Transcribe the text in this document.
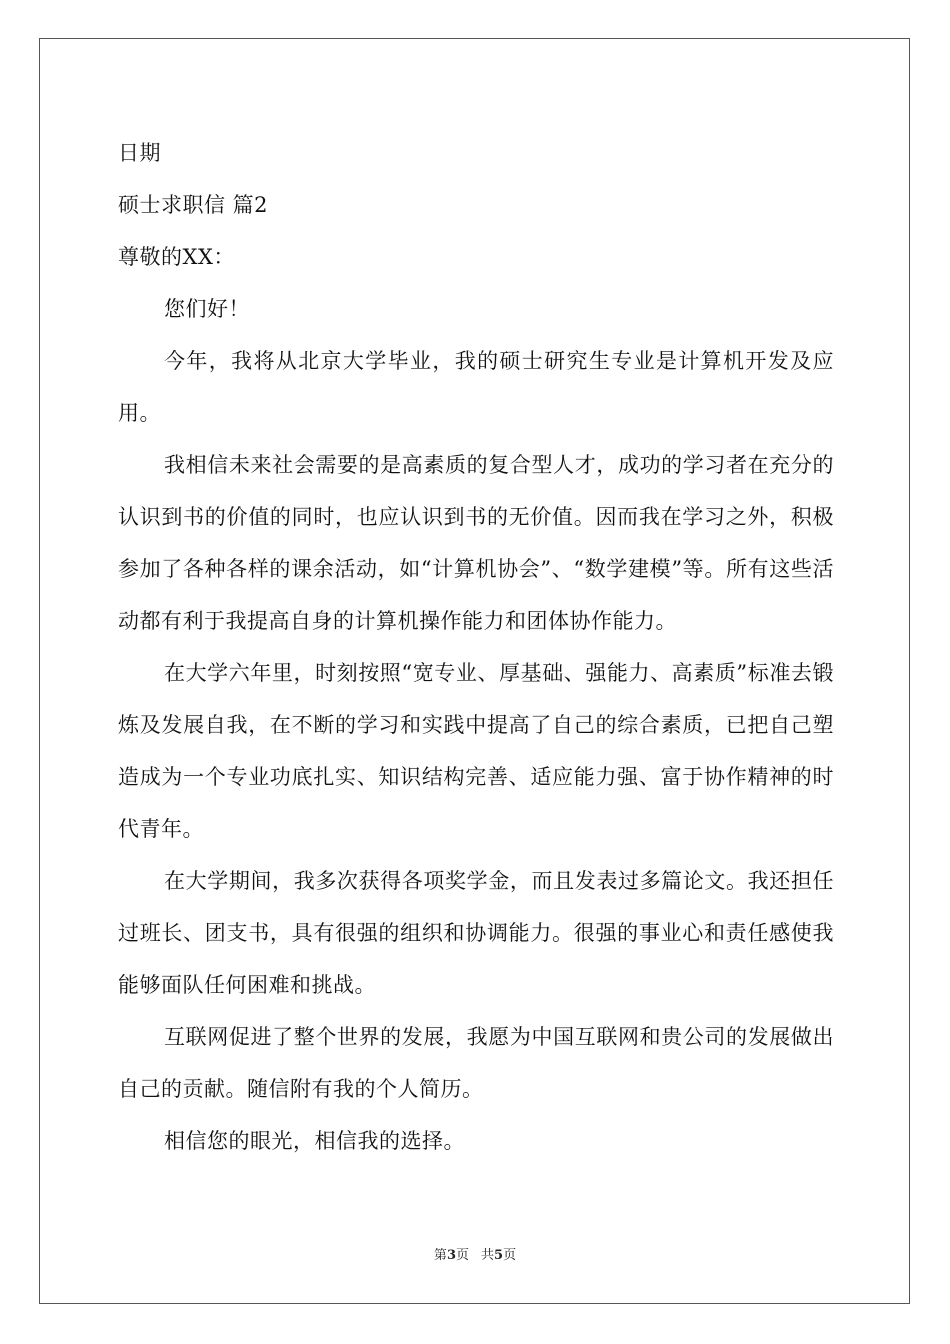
日期

硕士求职信 篇2

尊敬的XX：

您们好！

今年，我将从北京大学毕业，我的硕士研究生专业是计算机开发及应用。

我相信未来社会需要的是高素质的复合型人才，成功的学习者在充分的认识到书的价值的同时，也应认识到书的无价值。因而我在学习之外，积极参加了各种各样的课余活动，如“计算机协会”、“数学建模”等。所有这些活动都有利于我提高自身的计算机操作能力和团体协作能力。

在大学六年里，时刻按照“宽专业、厚基础、强能力、高素质”标准去锻炼及发展自我，在不断的学习和实践中提高了自己的综合素质，已把自己塑造成为一个专业功底扎实、知识结构完善、适应能力强、富于协作精神的时代青年。

在大学期间，我多次获得各项奖学金，而且发表过多篇论文。我还担任过班长、团支书，具有很强的组织和协调能力。很强的事业心和责任感使我能够面队任何困难和挑战。

互联网促进了整个世界的发展，我愿为中国互联网和贵公司的发展做出自己的贡献。随信附有我的个人简历。

相信您的眼光，相信我的选择。

第3页 共5页
